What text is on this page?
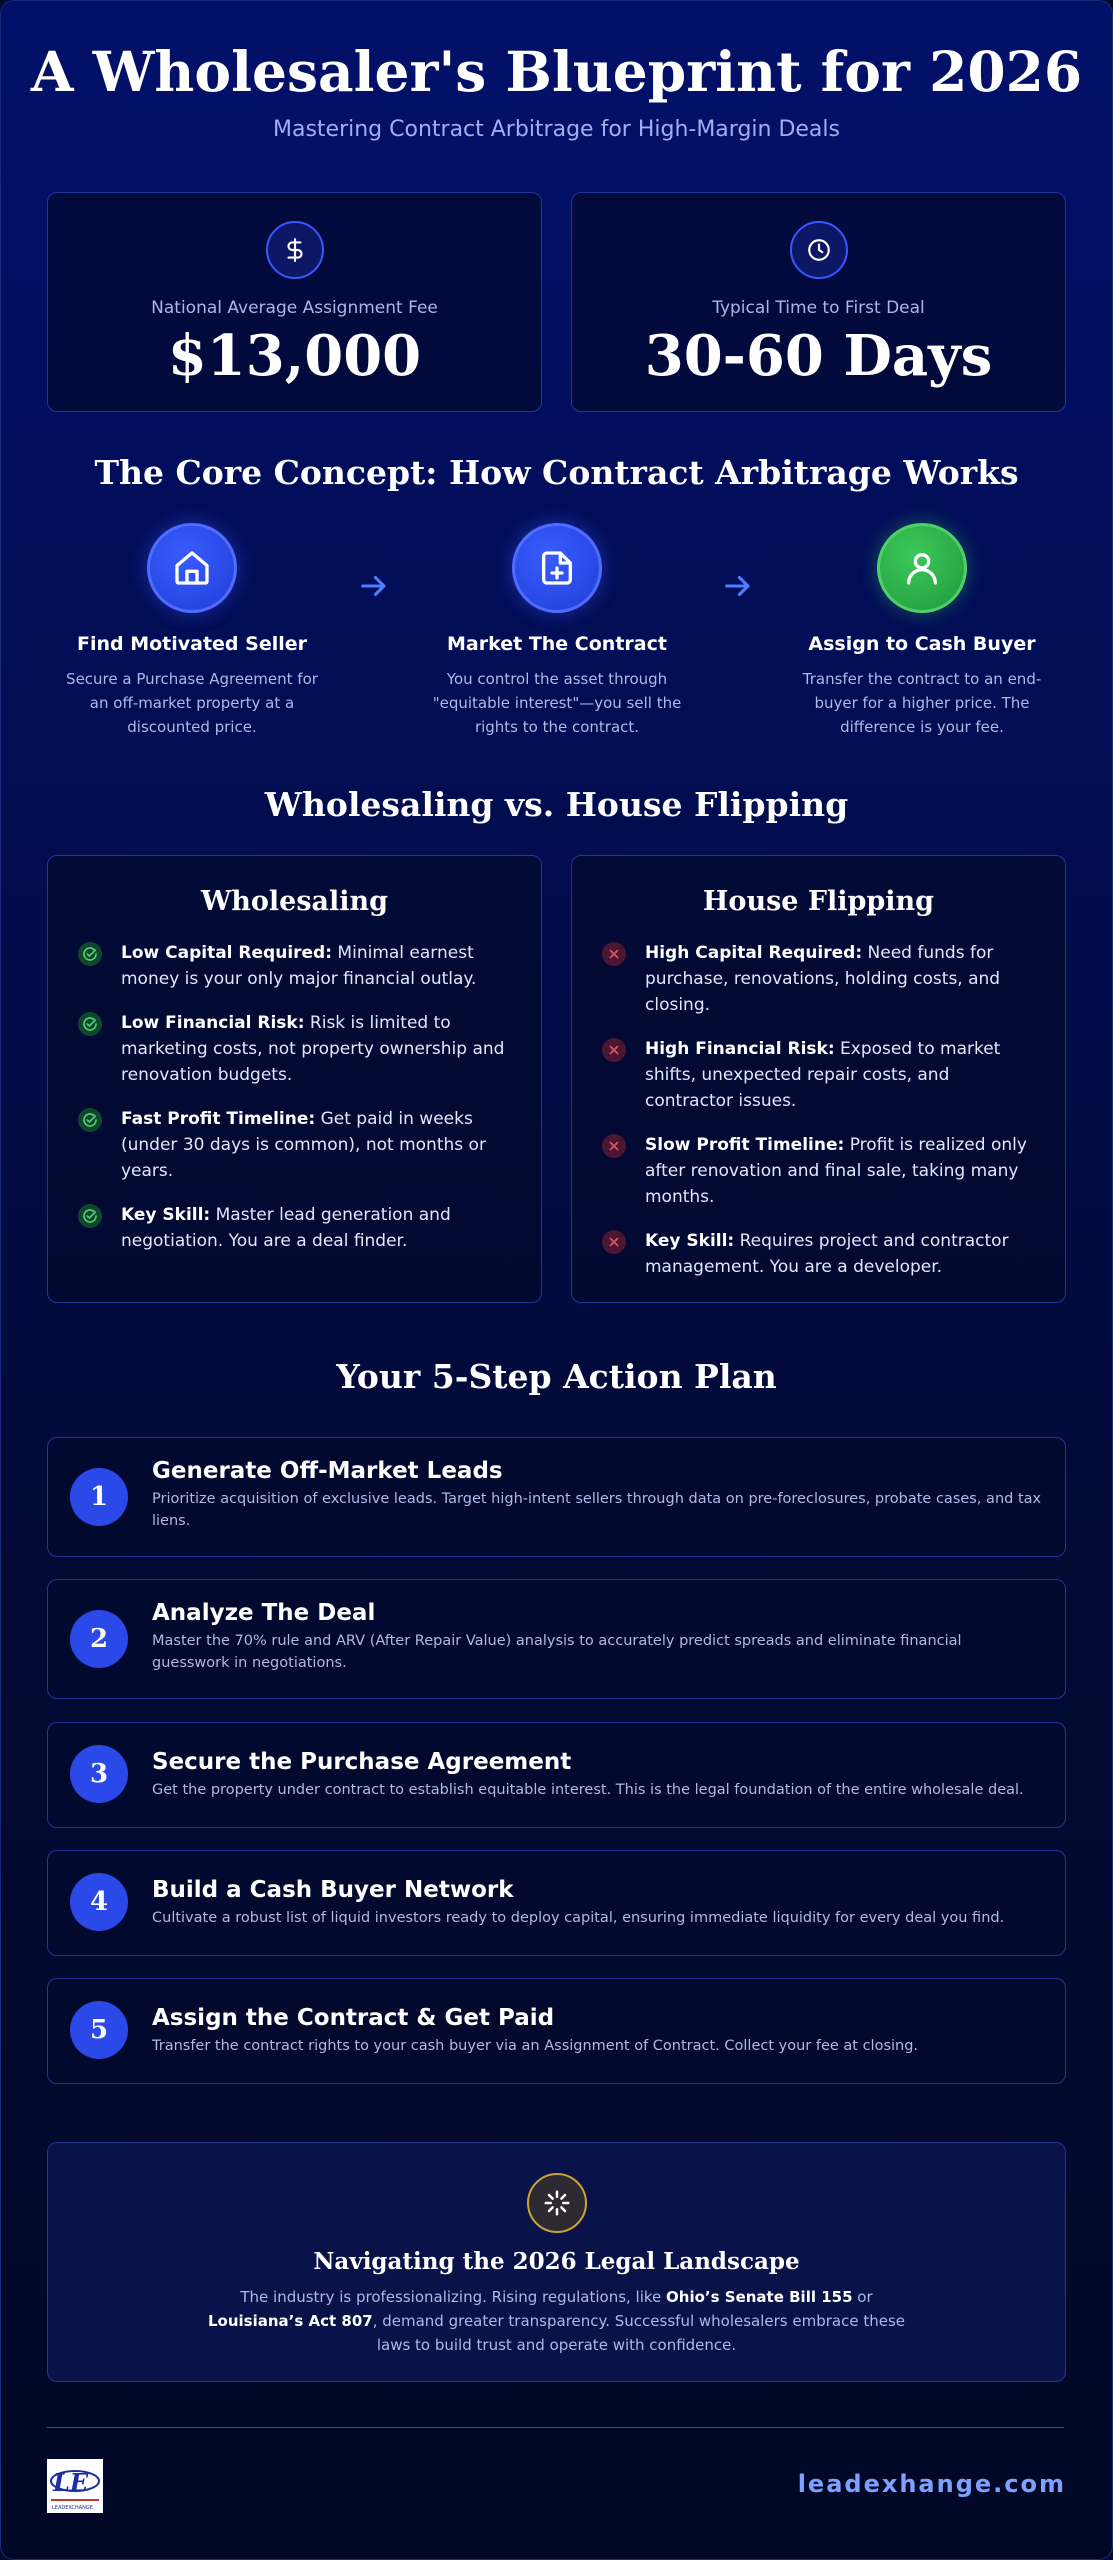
A Wholesaler's Blueprint for 2026
Mastering Contract Arbitrage for High-Margin Deals
National Average Assignment Fee
$13,000
Typical Time to First Deal
30-60 Days
The Core Concept: How Contract Arbitrage Works
Find Motivated Seller
Secure a Purchase Agreement for an off-market property at a discounted price.
Market The Contract
You control the asset through "equitable interest"—you sell the rights to the contract.
Assign to Cash Buyer
Transfer the contract to an end-buyer for a higher price. The difference is your fee.
Wholesaling vs. House Flipping
Wholesaling
Low Capital Required: Minimal earnest money is your only major financial outlay.
Low Financial Risk: Risk is limited to marketing costs, not property ownership and renovation budgets.
Fast Profit Timeline: Get paid in weeks (under 30 days is common), not months or years.
Key Skill: Master lead generation and negotiation. You are a deal finder.
House Flipping
High Capital Required: Need funds for purchase, renovations, holding costs, and closing.
High Financial Risk: Exposed to market shifts, unexpected repair costs, and contractor issues.
Slow Profit Timeline: Profit is realized only after renovation and final sale, taking many months.
Key Skill: Requires project and contractor management. You are a developer.
Your 5-Step Action Plan
1
Generate Off-Market Leads
Prioritize acquisition of exclusive leads. Target high-intent sellers through data on pre-foreclosures, probate cases, and tax liens.
2
Analyze The Deal
Master the 70% rule and ARV (After Repair Value) analysis to accurately predict spreads and eliminate financial guesswork in negotiations.
3	Secure the Purchase Agreement
Get the property under contract to establish equitable interest. This is the legal foundation of the entire wholesale deal.
4	Build a Cash Buyer Network
Cultivate a robust list of liquid investors ready to deploy capital, ensuring immediate liquidity for every deal you find.
5	Assign the Contract & Get Paid
Transfer the contract rights to your cash buyer via an Assignment of Contract. Collect your fee at closing.
Navigating the 2026 Legal Landscape
The industry is professionalizing. Rising regulations, like Ohio’s Senate Bill 155 or
Louisiana’s Act 807, demand greater transparency. Successful wholesalers embrace these laws to build trust and operate with confidence.
LE
LEADEXCHANGE
leadexhange.com
